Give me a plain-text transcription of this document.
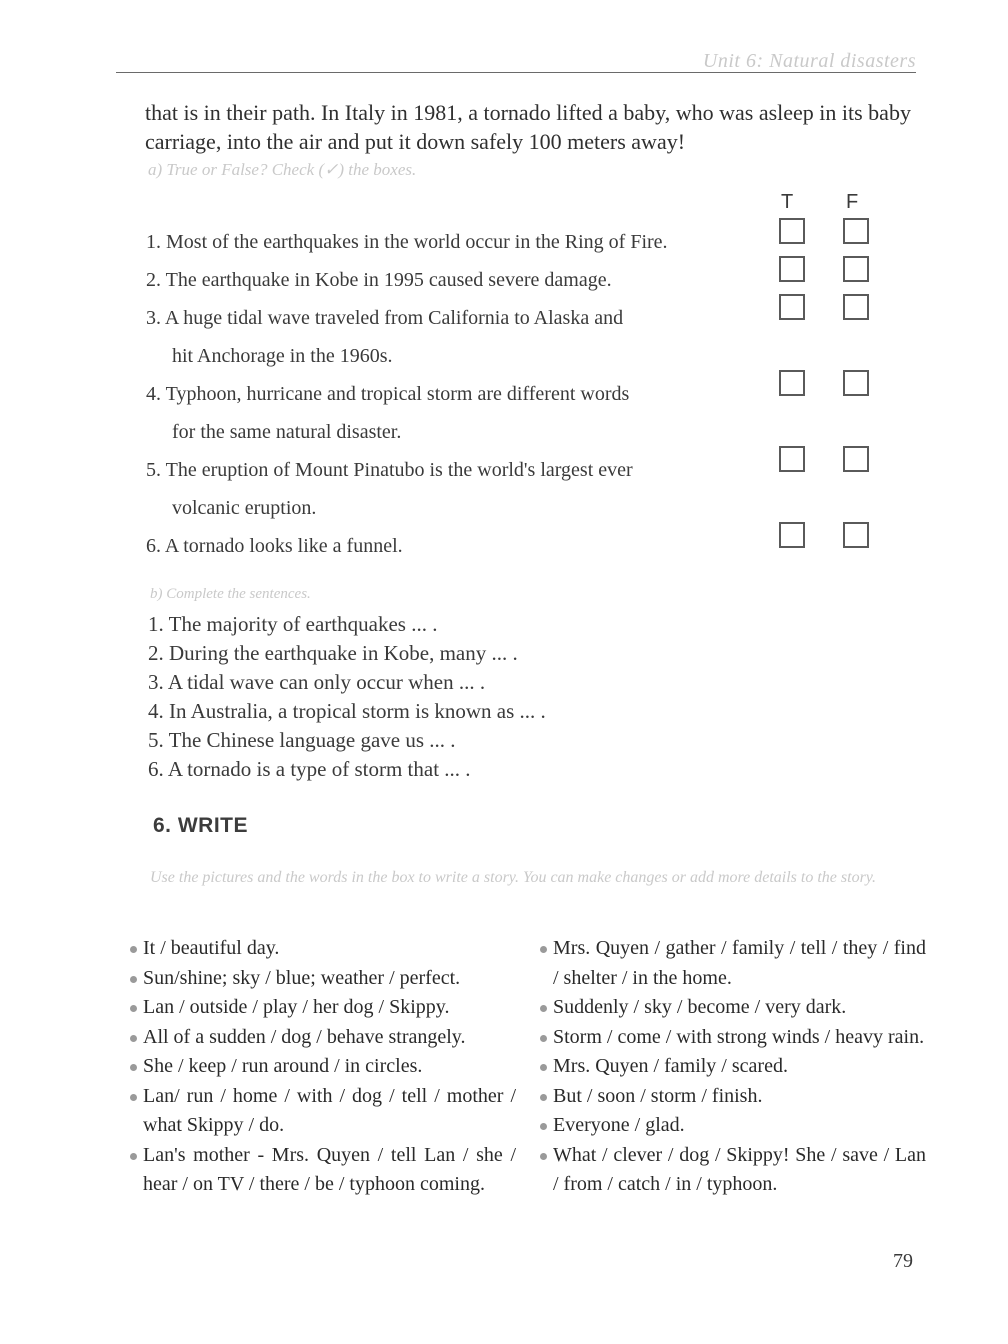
Unit 6: Natural disasters
that is in their path. In Italy in 1981, a tornado lifted a baby, who was asleep in its baby carriage, into the air and put it down safely 100 meters away!
a) True or False? Check (✓) the boxes.
T	F
1. Most of the earthquakes in the world occur in the Ring of Fire.
2. The earthquake in Kobe in 1995 caused severe damage.
3. A huge tidal wave traveled from California to Alaska and
hit Anchorage in the 1960s.
4. Typhoon, hurricane and tropical storm are different words
for the same natural disaster.
5. The eruption of Mount Pinatubo is the world's largest ever
volcanic eruption.
6. A tornado looks like a funnel.
b) Complete the sentences.
1. The majority of earthquakes ... .
2. During the earthquake in Kobe, many ... .
3. A tidal wave can only occur when ... .
4. In Australia, a tropical storm is known as ... .
5. The Chinese language gave us ... .
6. A tornado is a type of storm that ... .
6. WRITE
Use the pictures and the words in the box to write a story. You can make changes or add more details to the story.
It / beautiful day.
Sun/shine; sky / blue; weather / perfect.
Lan / outside / play / her dog / Skippy.
All of a sudden / dog / behave strangely.
She / keep / run around / in circles.
Lan/ run / home / with / dog / tell / mother / what Skippy / do.
Lan's mother - Mrs. Quyen / tell Lan / she / hear / on TV / there / be / typhoon coming.
Mrs. Quyen / gather / family / tell / they / find / shelter / in the home.
Suddenly / sky / become / very dark.
Storm / come / with strong winds / heavy rain.
Mrs. Quyen / family / scared.
But / soon / storm / finish.
Everyone / glad.
What / clever / dog / Skippy! She / save / Lan / from / catch / in / typhoon.
79
